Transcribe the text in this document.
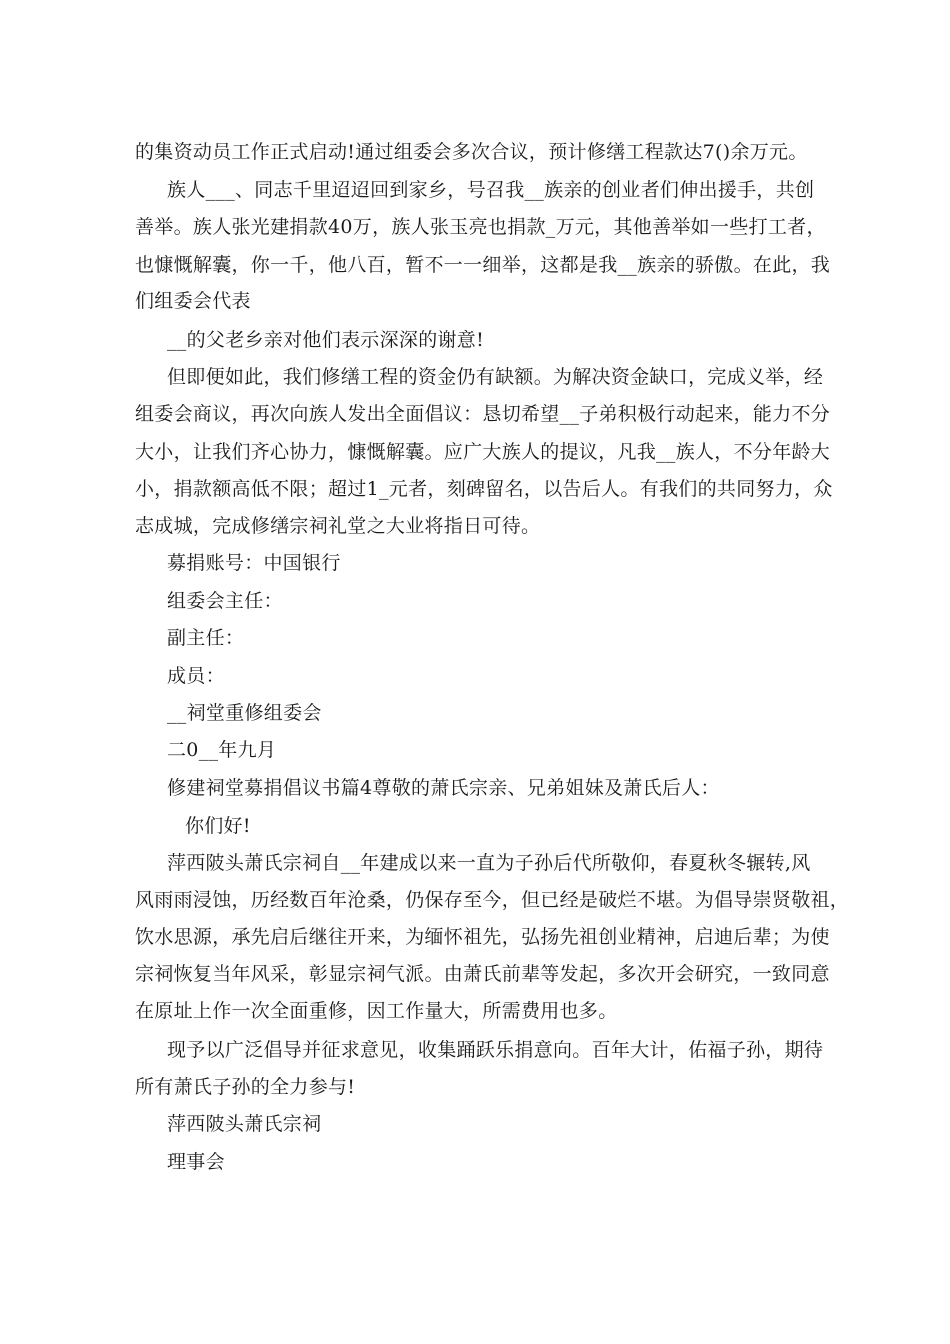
的集资动员工作正式启动!通过组委会多次合议，预计修缮工程款达7()余万元。
族人___、同志千里迢迢回到家乡，号召我__族亲的创业者们伸出援手，共创
善举。族人张光建捐款40万，族人张玉亮也捐款_万元，其他善举如一些打工者，
也慷慨解囊，你一千，他八百，暂不一一细举，这都是我__族亲的骄傲。在此，我
们组委会代表
__的父老乡亲对他们表示深深的谢意!
但即便如此，我们修缮工程的资金仍有缺额。为解决资金缺口，完成义举，经
组委会商议，再次向族人发出全面倡议：恳切希望__子弟积极行动起来，能力不分
大小，让我们齐心协力，慷慨解囊。应广大族人的提议，凡我__族人，不分年龄大
小，捐款额高低不限；超过1_元者，刻碑留名，以告后人。有我们的共同努力，众
志成城，完成修缮宗祠礼堂之大业将指日可待。
募捐账号：中国银行
组委会主任：
副主任：
成员：
__祠堂重修组委会
二0__年九月
修建祠堂募捐倡议书篇4尊敬的萧氏宗亲、兄弟姐妹及萧氏后人：
你们好!
萍西陂头萧氏宗祠自__年建成以来一直为子孙后代所敬仰，春夏秋冬辗转,风
风雨雨浸蚀，历经数百年沧桑，仍保存至今，但已经是破烂不堪。为倡导崇贤敬祖，
饮水思源，承先启后继往开来，为缅怀祖先，弘扬先祖创业精神，启迪后辈；为使
宗祠恢复当年风采，彰显宗祠气派。由萧氏前辈等发起，多次开会研究，一致同意
在原址上作一次全面重修，因工作量大，所需费用也多。
现予以广泛倡导并征求意见，收集踊跃乐捐意向。百年大计，佑福子孙，期待
所有萧氏子孙的全力参与!
萍西陂头萧氏宗祠
理事会
